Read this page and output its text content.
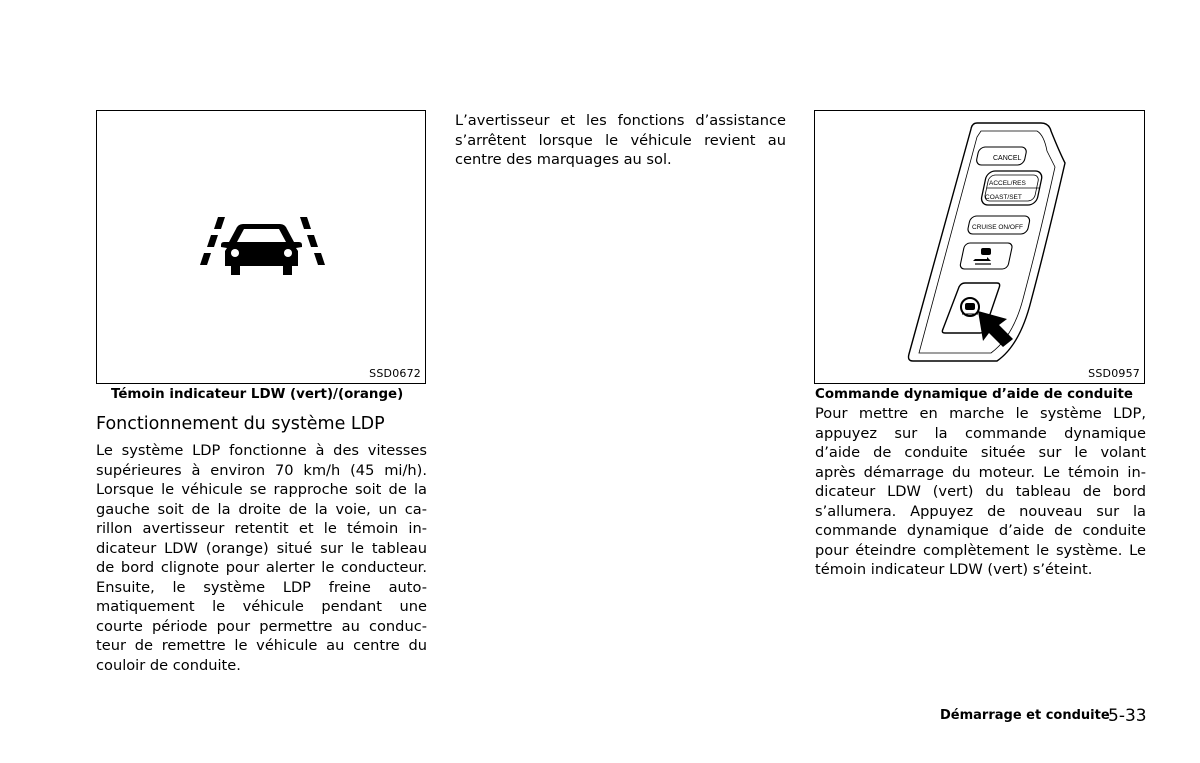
SSD0672
Témoin indicateur LDW (vert)/(orange)
Fonctionnement du système LDP
Le système LDP fonctionne à des vitesses
supérieures à environ 70 km/h (45 mi/h).
Lorsque le véhicule se rapproche soit de la
gauche soit de la droite de la voie, un ca-
rillon avertisseur retentit et le témoin in-
dicateur LDW (orange) situé sur le tableau
de bord clignote pour alerter le conducteur.
Ensuite, le système LDP freine auto-
matiquement le véhicule pendant une
courte période pour permettre au conduc-
teur de remettre le véhicule au centre du
couloir de conduite.
L’avertisseur et les fonctions d’assistance
s’arrêtent lorsque le véhicule revient au
centre des marquages au sol.	CANCEL
ACCEL/RES
COAST/SET
CRUISE ON/OFF
SSD0957
Commande dynamique d’aide de conduite
Pour mettre en marche le système LDP,
appuyez sur la commande dynamique
d’aide de conduite située sur le volant
après démarrage du moteur. Le témoin in-
dicateur LDW (vert) du tableau de bord
s’allumera. Appuyez de nouveau sur la
commande dynamique d’aide de conduite
pour éteindre complètement le système. Le
témoin indicateur LDW (vert) s’éteint.
Démarrage et conduite
5-33
